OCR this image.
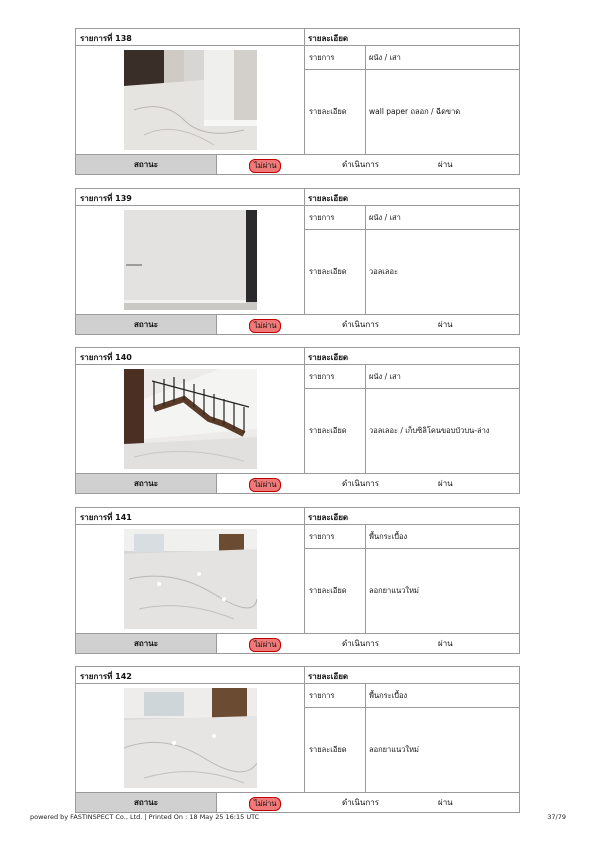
รายการที่ 138	รายละเอียด
รายการ	ผนัง / เสา
รายละเอียด	wall paper ถลอก / ฉีดขาด
สถานะ	ไม่ผ่าน	ดำเนินการ	ผ่าน
รายการที่ 139	รายละเอียด
รายการ	ผนัง / เสา
รายละเอียด	วอลเลอะ
สถานะ	ไม่ผ่าน	ดำเนินการ	ผ่าน
รายการที่ 140	รายละเอียด
รายการ	ผนัง / เสา
รายละเอียด	วอลเลอะ / เก็บซิลิโคนขอบบัวบน-ล่าง
สถานะ	ไม่ผ่าน	ดำเนินการ	ผ่าน
รายการที่ 141	รายละเอียด
รายการ	พื้นกระเบื้อง
รายละเอียด	ลอกยาแนวใหม่
สถานะ	ไม่ผ่าน	ดำเนินการ	ผ่าน
รายการที่ 142	รายละเอียด
รายการ	พื้นกระเบื้อง
รายละเอียด	ลอกยาแนวใหม่
สถานะ	ไม่ผ่าน	ดำเนินการ	ผ่าน
powered by FASTINSPECT Co., Ltd. | Printed On : 18 May 25 16:15 UTC	37/79
